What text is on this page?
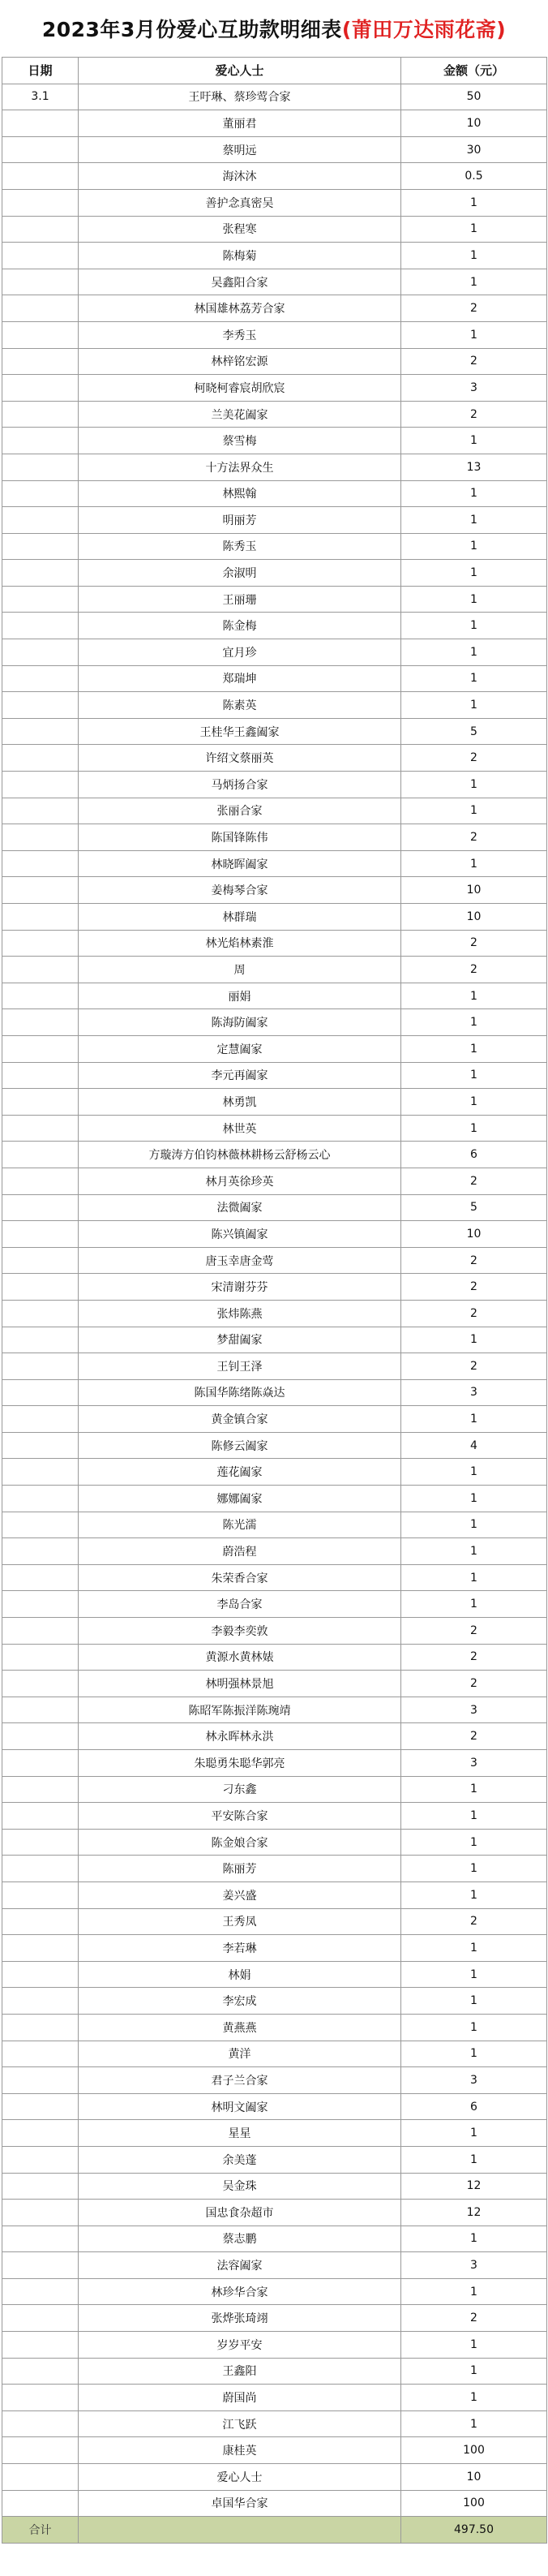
2023年3月份爱心互助款明细表 (莆田万达雨花斋)
日期	爱心人士	金额（元）
3.1	王吁琳、蔡珍莺合家	50
	董丽君	10
	蔡明远	30
	海沐沐	0.5
	善护念真密吴	1
	张程寒	1
	陈梅菊	1
	吴鑫阳合家	1
	林国雄林荔芳合家	2
	李秀玉	1
	林梓铭宏源	2
	柯晓柯睿宸胡欣宸	3
	兰美花阖家	2
	蔡雪梅	1
	十方法界众生	13
	林熙翰	1
	明丽芳	1
	陈秀玉	1
	余淑明	1
	王丽珊	1
	陈金梅	1
	宜月珍	1
	郑瑞坤	1
	陈素英	1
	王桂华王鑫阖家	5
	许绍文蔡丽英	2
	马炳扬合家	1
	张丽合家	1
	陈国锋陈伟	2
	林晓晖阖家	1
	姜梅琴合家	10
	林群瑞	10
	林光焰林素淮	2
	周	2
	丽娟	1
	陈海防阖家	1
	定慧阖家	1
	李元再阖家	1
	林勇凯	1
	林世英	1
	方璇涛方伯钧林薇林耕杨云舒杨云心	6
	林月英徐珍英	2
	法微阖家	5
	陈兴镇阖家	10
	唐玉幸唐金莺	2
	宋清谢芬芬	2
	张炜陈燕	2
	梦甜阖家	1
	王钊王泽	2
	陈国华陈绪陈焱达	3
	黄金镇合家	1
	陈修云阖家	4
	莲花阖家	1
	娜娜阖家	1
	陈光濡	1
	蔚浩程	1
	朱荣香合家	1
	李岛合家	1
	李毅李奕敦	2
	黄源水黄林婊	2
	林明强林景旭	2
	陈昭军陈振洋陈琬靖	3
	林永晖林永洪	2
	朱聪勇朱聪华郭亮	3
	刁东鑫	1
	平安陈合家	1
	陈金娘合家	1
	陈丽芳	1
	姜兴盛	1
	王秀凤	2
	李若琳	1
	林娟	1
	李宏成	1
	黄燕燕	1
	黄洋	1
	君子兰合家	3
	林明文阖家	6
	星星	1
	余美蓬	1
	吴金珠	12
	国忠食杂超市	12
	蔡志鹏	1
	法容阖家	3
	林珍华合家	1
	张烨张琦翊	2
	岁岁平安	1
	王鑫阳	1
	蔚国尚	1
	江飞跃	1
	康桂英	100
	爱心人士	10
	卓国华合家	100
合计		497.50
